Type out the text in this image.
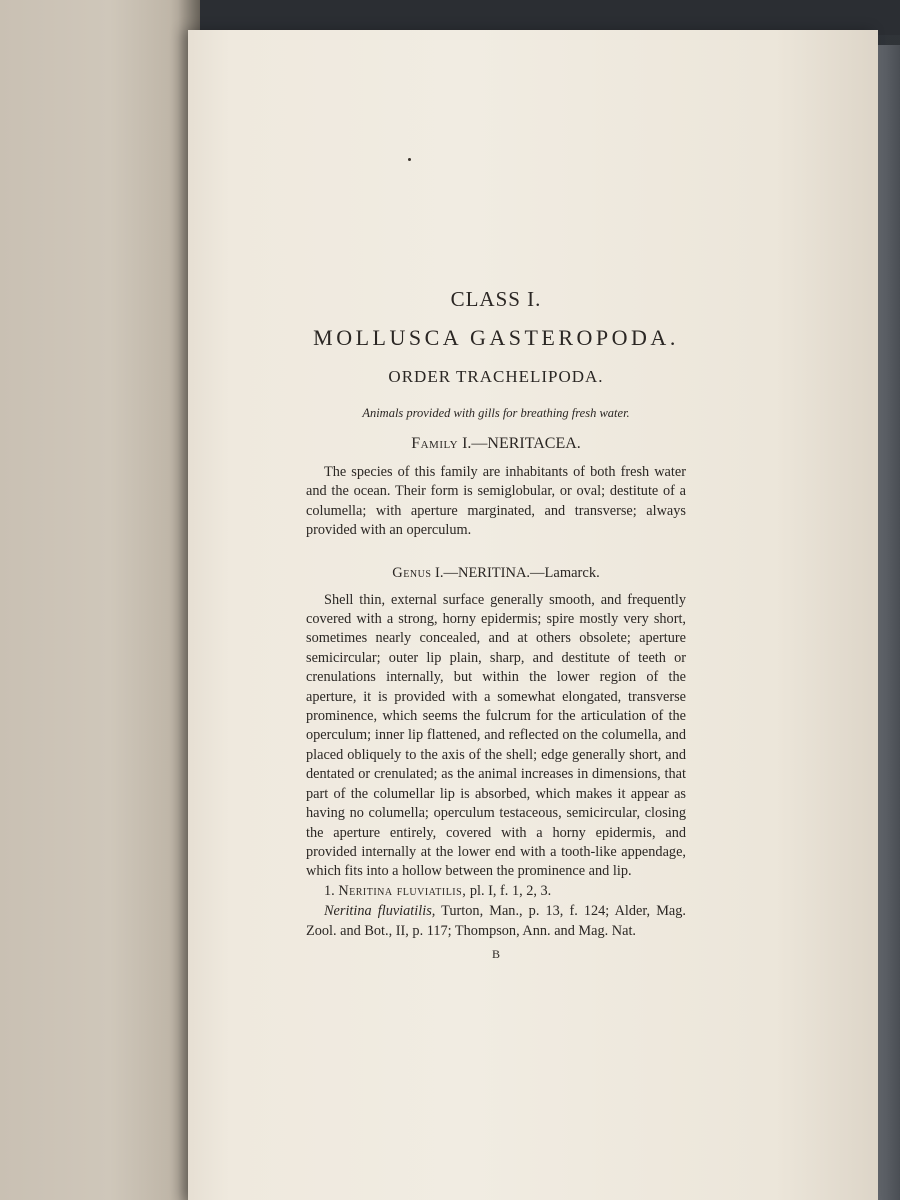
CLASS I.
MOLLUSCA GASTEROPODA.
ORDER TRACHELIPODA.
Animals provided with gills for breathing fresh water.
Family I.—NERITACEA.

The species of this family are inhabitants of both fresh water and the ocean. Their form is semiglobular, or oval; destitute of a columella; with aperture marginated, and transverse; always provided with an operculum.

Genus I.—NERITINA.—Lamarck.

Shell thin, external surface generally smooth, and frequently covered with a strong, horny epidermis; spire mostly very short, sometimes nearly concealed, and at others obsolete; aperture semicircular; outer lip plain, sharp, and destitute of teeth or crenulations internally, but within the lower region of the aperture, it is provided with a somewhat elongated, transverse prominence, which seems the fulcrum for the articulation of the operculum; inner lip flattened, and reflected on the columella, and placed obliquely to the axis of the shell; edge generally short, and dentated or crenulated; as the animal increases in dimensions, that part of the columellar lip is absorbed, which makes it appear as having no columella; operculum testaceous, semicircular, closing the aperture entirely, covered with a horny epidermis, and provided internally at the lower end with a tooth-like appendage, which fits into a hollow between the prominence and lip.

1. Neritina fluviatilis, pl. I, f. 1, 2, 3.

Neritina fluviatilis, Turton, Man., p. 13, f. 124; Alder, Mag. Zool. and Bot., II, p. 117; Thompson, Ann. and Mag. Nat.

B
